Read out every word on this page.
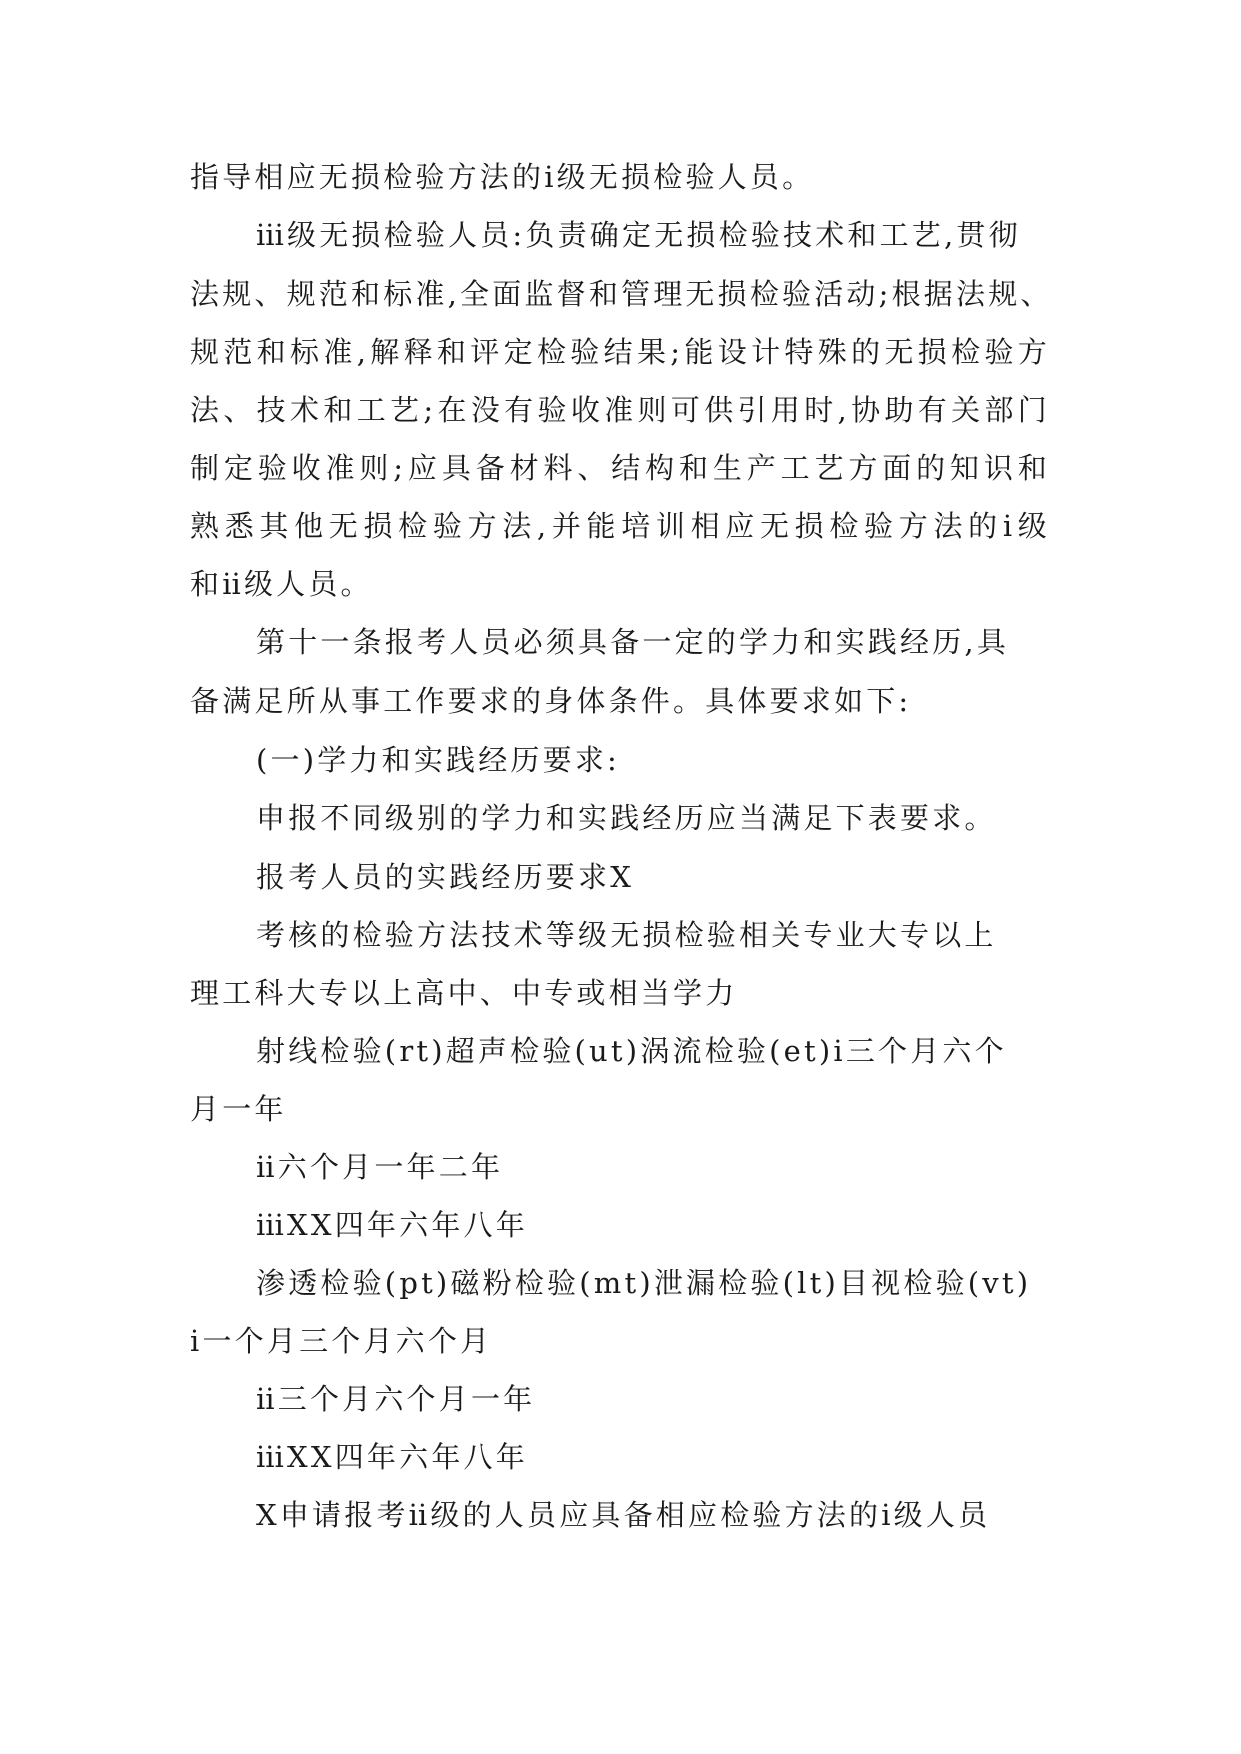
指导相应无损检验方法的ⅰ级无损检验人员。
ⅲ级无损检验人员:负责确定无损检验技术和工艺,贯彻
法规、规范和标准,全面监督和管理无损检验活动;根据法规、
规范和标准,解释和评定检验结果;能设计特殊的无损检验方
法、技术和工艺;在没有验收准则可供引用时,协助有关部门
制定验收准则;应具备材料、结构和生产工艺方面的知识和
熟悉其他无损检验方法,并能培训相应无损检验方法的ⅰ级
和ⅱ级人员。
第十一条报考人员必须具备一定的学力和实践经历,具
备满足所从事工作要求的身体条件。具体要求如下:
(一)学力和实践经历要求:
申报不同级别的学力和实践经历应当满足下表要求。
报考人员的实践经历要求X
考核的检验方法技术等级无损检验相关专业大专以上
理工科大专以上高中、中专或相当学力
射线检验(rt)超声检验(ut)涡流检验(et)ⅰ三个月六个
月一年
ⅱ六个月一年二年
ⅲXX四年六年八年
渗透检验(pt)磁粉检验(mt)泄漏检验(lt)目视检验(vt)
ⅰ一个月三个月六个月
ⅱ三个月六个月一年
ⅲXX四年六年八年
X申请报考ⅱ级的人员应具备相应检验方法的ⅰ级人员
